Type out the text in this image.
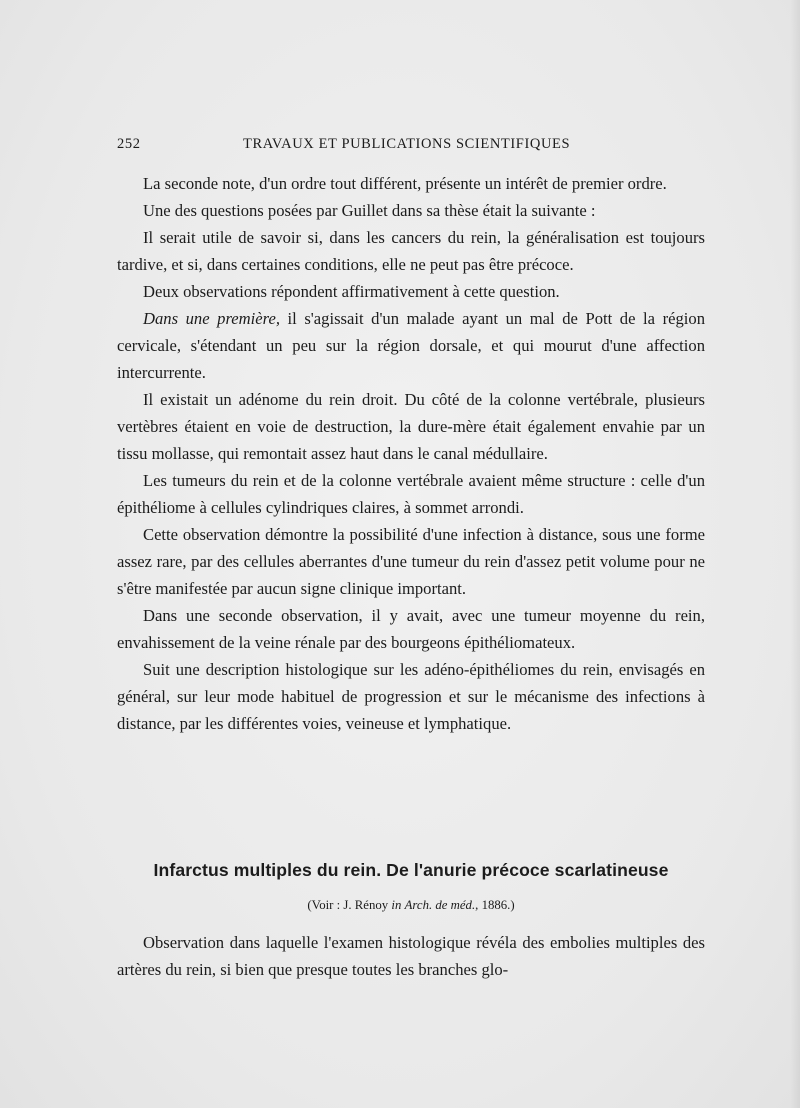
252	TRAVAUX ET PUBLICATIONS SCIENTIFIQUES

La seconde note, d'un ordre tout différent, présente un intérêt de premier ordre.

Une des questions posées par Guillet dans sa thèse était la suivante :

Il serait utile de savoir si, dans les cancers du rein, la généralisation est toujours tardive, et si, dans certaines conditions, elle ne peut pas être précoce.

Deux observations répondent affirmativement à cette question.

Dans une première, il s'agissait d'un malade ayant un mal de Pott de la région cervicale, s'étendant un peu sur la région dorsale, et qui mourut d'une affection intercurrente.

Il existait un adénome du rein droit. Du côté de la colonne vertébrale, plusieurs vertèbres étaient en voie de destruction, la dure-mère était également envahie par un tissu mollasse, qui remontait assez haut dans le canal médullaire.

Les tumeurs du rein et de la colonne vertébrale avaient même structure : celle d'un épithéliome à cellules cylindriques claires, à sommet arrondi.

Cette observation démontre la possibilité d'une infection à distance, sous une forme assez rare, par des cellules aberrantes d'une tumeur du rein d'assez petit volume pour ne s'être manifestée par aucun signe clinique important.

Dans une seconde observation, il y avait, avec une tumeur moyenne du rein, envahissement de la veine rénale par des bourgeons épithéliomateux.

Suit une description histologique sur les adéno-épithéliomes du rein, envisagés en général, sur leur mode habituel de progression et sur le mécanisme des infections à distance, par les différentes voies, veineuse et lymphatique.

Infarctus multiples du rein. De l'anurie précoce scarlatineuse
(Voir : J. Rénoy in Arch. de méd., 1886.)

Observation dans laquelle l'examen histologique révéla des embolies multiples des artères du rein, si bien que presque toutes les branches glo-
